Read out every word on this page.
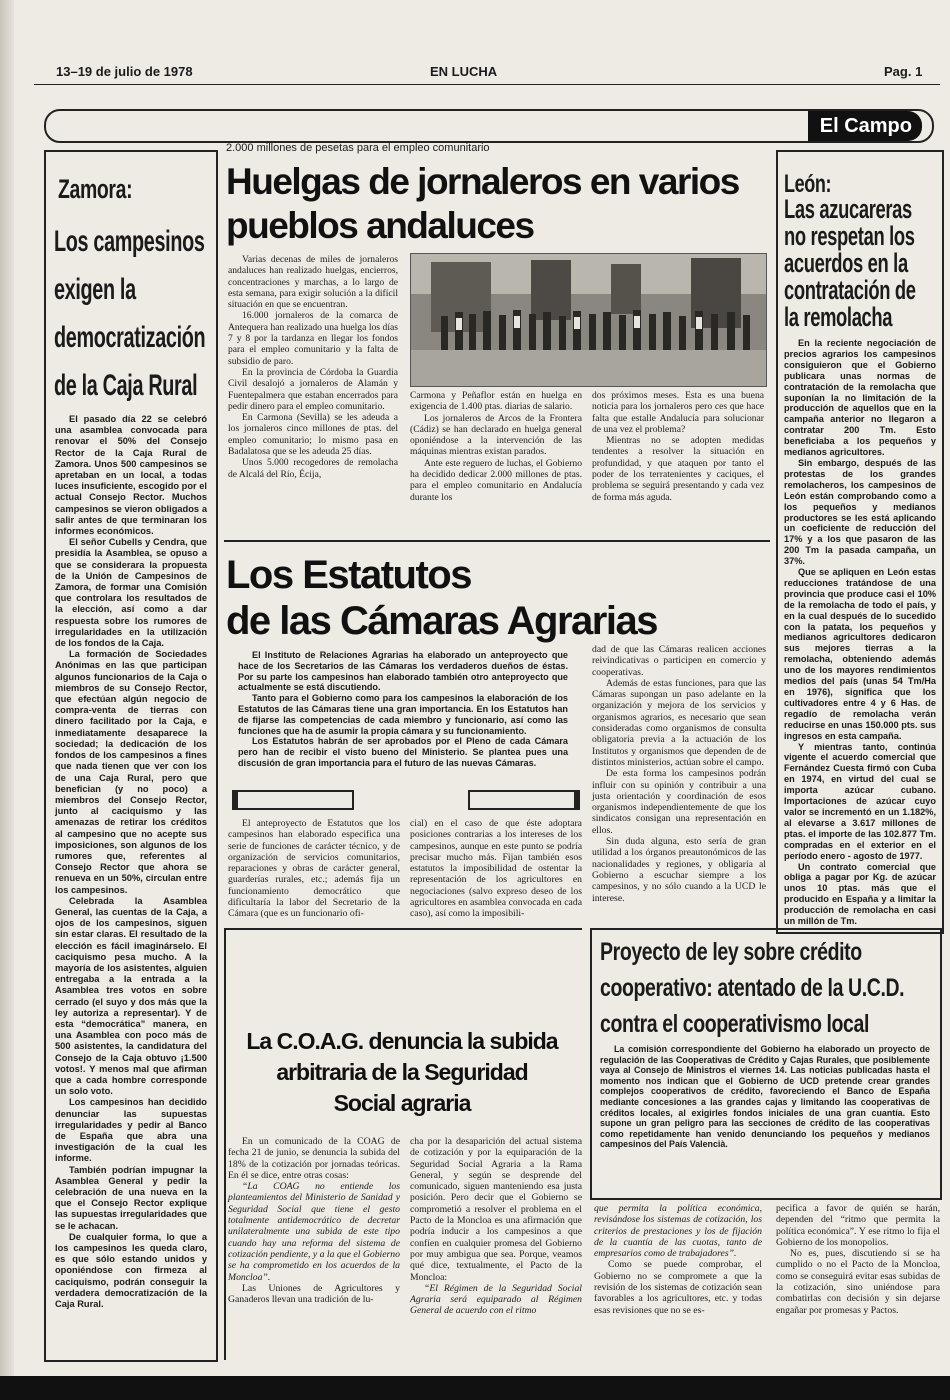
13–19 de julio de 1978	EN LUCHA	Pag. 1
El Campo
Zamora:
Los campesinos
exigen la
democratización
de la Caja Rural

El pasado día 22 se celebró una asamblea convocada para renovar el 50% del Consejo Rector de la Caja Rural de Zamora. Unos 500 campesinos se apretaban en un local, a todas luces insuficiente, escogido por el actual Consejo Rector. Muchos campesinos se vieron obligados a salir antes de que terminaran los informes económicos.

El señor Cubells y Cendra, que presidía la Asamblea, se opuso a que se considerara la propuesta de la Unión de Campesinos de Zamora, de formar una Comisión que controlara los resultados de la elección, así como a dar respuesta sobre los rumores de irregularidades en la utilización de los fondos de la Caja.

La formación de Sociedades Anónimas en las que participan algunos funcionarios de la Caja o miembros de su Consejo Rector, que efectúan algún negocio de compra-venta de tierras con dinero facilitado por la Caja, e inmediatamente desaparece la sociedad; la dedicación de los fondos de los campesinos a fines que nada tienen que ver con los de una Caja Rural, pero que benefician (y no poco) a miembros del Consejo Rector, junto al caciquismo y las amenazas de retirar los créditos al campesino que no acepte sus imposiciones, son algunos de los rumores que, referentes al Consejo Rector que ahora se renueva en un 50%, circulan entre los campesinos.

Celebrada la Asamblea General, las cuentas de la Caja, a ojos de los campesinos, siguen sin estar claras. El resultado de la elección es fácil imaginárselo. El caciquismo pesa mucho. A la mayoría de los asistentes, alguien entregaba a la entrada a la Asamblea tres votos en sobre cerrado (el suyo y dos más que la ley autoriza a representar). Y de esta “democrática” manera, en una Asamblea con poco más de 500 asistentes, la candidatura del Consejo de la Caja obtuvo ¡1.500 votos!. Y menos mal que afirman que a cada hombre corresponde un solo voto.

Los campesinos han decidido denunciar las supuestas irregularidades y pedir al Banco de España que abra una investigación de la cual les informe.

También podrían impugnar la Asamblea General y pedir la celebración de una nueva en la que el Consejo Rector explique las supuestas irregularidades que se le achacan.

De cualquier forma, lo que a los campesinos les queda claro, es que sólo estando unidos y oponiéndose con firmeza al caciquismo, podrán conseguir la verdadera democratización de la Caja Rural.

2.000 millones de pesetas para el empleo comunitario
Huelgas de jornaleros en varios
pueblos andaluces

Varias decenas de miles de jornaleros andaluces han realizado huelgas, encierros, concentraciones y marchas, a lo largo de esta semana, para exigir solución a la difícil situación en que se encuentran.

16.000 jornaleros de la comarca de Antequera han realizado una huelga los días 7 y 8 por la tardanza en llegar los fondos para el empleo comunitario y la falta de subsidio de paro.

En la provincia de Córdoba la Guardia Civil desalojó a jornaleros de Alamán y Fuentepalmera que estaban encerrados para pedir dinero para el empleo comunitario.

En Carmona (Sevilla) se les adeuda a los jornaleros cinco millones de ptas. del empleo comunitario; lo mismo pasa en Badalatosa que se les adeuda 25 días.

Unos 5.000 recogedores de remolacha de Alcalá del Río, Écija,

Carmona y Peñaflor están en huelga en exigencia de 1.400 ptas. diarias de salario.

Los jornaleros de Arcos de la Frontera (Cádiz) se han declarado en huelga general oponiéndose a la intervención de las máquinas mientras existan parados.

Ante este reguero de luchas, el Gobierno ha decidido dedicar 2.000 millones de ptas. para el empleo comunitario en Andalucía durante los

dos próximos meses. Esta es una buena noticia para los jornaleros pero ces que hace falta que estalle Andalucía para solucionar de una vez el problema?

Mientras no se adopten medidas tendentes a resolver la situación en profundidad, y que ataquen por tanto el poder de los terratenientes y caciques, el problema se seguirá presentando y cada vez de forma más aguda.

Los Estatutos
de las Cámaras Agrarias

El Instituto de Relaciones Agrarias ha elaborado un anteproyecto que hace de los Secretarios de las Cámaras los verdaderos dueños de éstas. Por su parte los campesinos han elaborado también otro anteproyecto que actualmente se está discutiendo.

Tanto para el Gobierno como para los campesinos la elaboración de los Estatutos de las Cámaras tiene una gran importancia. En los Estatutos han de fijarse las competencias de cada miembro y funcionario, así como las funciones que ha de asumir la propia cámara y su funcionamiento.

Los Estatutos habrán de ser aprobados por el Pleno de cada Cámara pero han de recibir el visto bueno del Ministerio. Se plantea pues una discusión de gran importancia para el futuro de las nuevas Cámaras.

El anteproyecto de Estatutos que los campesinos han elaborado especifica una serie de funciones de carácter técnico, y de organización de servicios comunitarios, reparaciones y obras de carácter general, guarderías rurales, etc.; además fija un funcionamiento democrático que dificultaría la labor del Secretario de la Cámara (que es un funcionario ofi-

cial) en el caso de que éste adoptara posiciones contrarias a los intereses de los campesinos, aunque en este punto se podría precisar mucho más. Fijan también esos estatutos la imposibilidad de ostentar la representación de los agricultores en negociaciones (salvo expreso deseo de los agricultores en asamblea convocada en cada caso), así como la imposibili-

dad de que las Cámaras realicen acciones reivindicativas o participen en comercio y cooperativas.

Además de estas funciones, para que las Cámaras supongan un paso adelante en la organización y mejora de los servicios y organismos agrarios, es necesario que sean consideradas como organismos de consulta obligatoria previa a la actuación de los Institutos y organismos que dependen de de distintos ministerios, actúan sobre el campo.

De esta forma los campesinos podrán influir con su opinión y contribuir a una justa orientación y coordinación de esos organismos independientemente de que los sindicatos consigan una representación en ellos.

Sin duda alguna, esto sería de gran utilidad a los órganos preautonómicos de las nacionalidades y regiones, y obligaría al Gobierno a escuchar siempre a los campesinos, y no sólo cuando a la UCD le interese.

León:
Las azucareras
no respetan los
acuerdos en la
contratación de
la remolacha

En la reciente negociación de precios agrarios los campesinos consiguieron que el Gobierno publicara unas normas de contratación de la remolacha que suponían la no limitación de la producción de aquellos que en la campaña anterior no llegaron a contratar 200 Tm. Esto beneficiaba a los pequeños y medianos agricultores.

Sin embargo, después de las protestas de los grandes remolacheros, los campesinos de León están comprobando como a los pequeños y medianos productores se les está aplicando un coeficiente de reducción del 17% y a los que pasaron de las 200 Tm la pasada campaña, un 37%.

Que se apliquen en León estas reducciones tratándose de una provincia que produce casi el 10% de la remolacha de todo el país, y en la cual después de lo sucedido con la patata, los pequeños y medianos agricultores dedicaron sus mejores tierras a la remolacha, obteniendo además uno de los mayores rendimientos medios del país (unas 54 Tm/Ha en 1976), significa que los cultivadores entre 4 y 6 Has. de regadío de remolacha verán reducirse en unas 150.000 pts. sus ingresos en esta campaña.

Y mientras tanto, continúa vigente el acuerdo comercial que Fernández Cuesta firmó con Cuba en 1974, en virtud del cual se importa azúcar cubano. Importaciones de azúcar cuyo valor se incrementó en un 1.182%, al elevarse a 3.617 millones de ptas. el importe de las 102.877 Tm. compradas en el exterior en el período enero - agosto de 1977.

Un contrato comercial que obliga a pagar por Kg. de azúcar unos 10 ptas. más que el producido en España y a limitar la producción de remolacha en casi un millón de Tm.

La C.O.A.G. denuncia la subida
arbitraria de la Seguridad
Social agraria

En un comunicado de la COAG de fecha 21 de junio, se denuncia la subida del 18% de la cotización por jornadas teóricas. En él se dice, entre otras cosas:

“La COAG no entiende los planteamientos del Ministerio de Sanidad y Seguridad Social que tiene el gesto totalmente antidemocrático de decretar unilateralmente una subida de este tipo cuando hay una reforma del sistema de cotización pendiente, y a la que el Gobierno se ha comprometido en los acuerdos de la Moncloa”.

Las Uniones de Agricultores y Ganaderos llevan una tradición de lu-

cha por la desaparición del actual sistema de cotización y por la equiparación de la Seguridad Social Agraria a la Rama General, y según se desprende del comunicado, siguen manteniendo esa justa posición. Pero decir que el Gobierno se comprometió a resolver el problema en el Pacto de la Moncloa es una afirmación que podría inducir a los campesinos a que confíen en cualquier promesa del Gobierno por muy ambigua que sea. Porque, veamos qué dice, textualmente, el Pacto de la Moncloa:

“El Régimen de la Seguridad Social Agraria será equiparado al Régimen General de acuerdo con el ritmo

Proyecto de ley sobre crédito
cooperativo: atentado de la U.C.D.
contra el cooperativismo local

La comisión correspondiente del Gobierno ha elaborado un proyecto de regulación de las Cooperativas de Crédito y Cajas Rurales, que posiblemente vaya al Consejo de Ministros el viernes 14. Las noticias publicadas hasta el momento nos indican que el Gobierno de UCD pretende crear grandes complejos cooperativos de crédito, favoreciendo el Banco de España mediante concesiones a las grandes cajas y limitando las cooperativas de créditos locales, al exigirles fondos iniciales de una gran cuantía. Esto supone un gran peligro para las secciones de crédito de las cooperativas como repetidamente han venido denunciando los pequeños y medianos campesinos del País Valencià.

que permita la política económica, revisándose los sistemas de cotización, los criterios de prestaciones y los de fijación de la cuantía de las cuotas, tanto de empresarios como de trabajadores”.

Como se puede comprobar, el Gobierno no se compromete a que la revisión de los sistemas de cotización sean favorables a los agricultores, etc. y todas esas revisiones que no se es-

pecifica a favor de quién se harán, dependen del “ritmo que permita la política económica”. Y ese ritmo lo fija el Gobierno de los monopolios.

No es, pues, discutiendo si se ha cumplido o no el Pacto de la Moncloa, como se conseguirá evitar esas subidas de la cotización, sino uniéndose para combatirlas con decisión y sin dejarse engañar por promesas y Pactos.
